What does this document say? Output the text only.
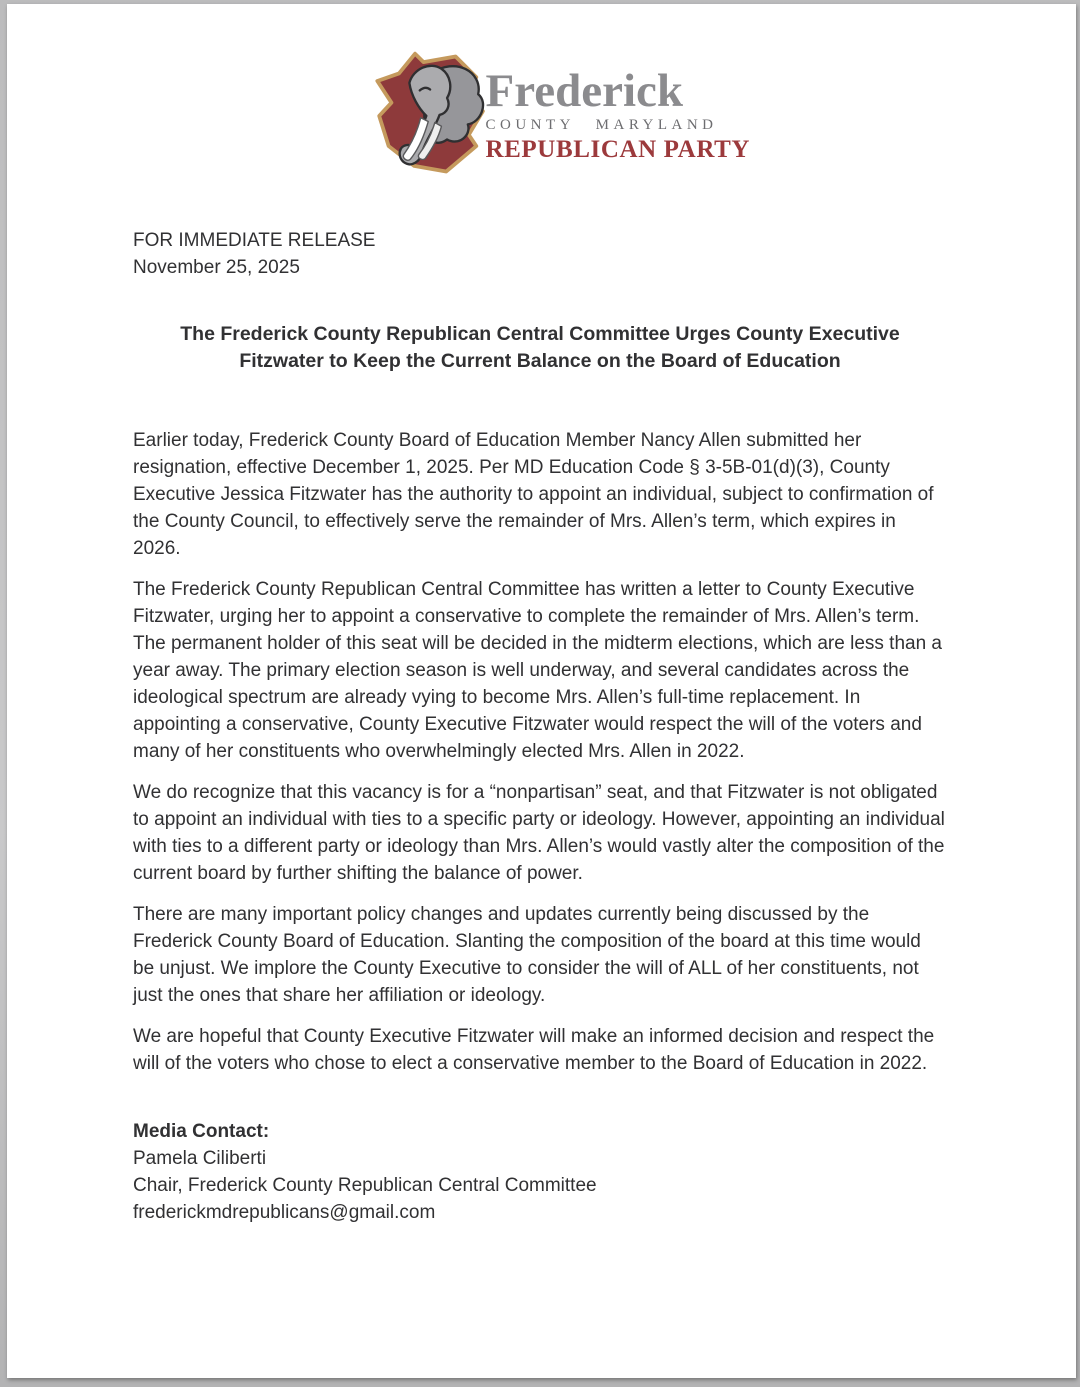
Frederick
COUNTY MARYLAND
REPUBLICAN PARTY
FOR IMMEDIATE RELEASE
November 25, 2025
The Frederick County Republican Central Committee Urges County Executive
Fitzwater to Keep the Current Balance on the Board of Education

Earlier today, Frederick County Board of Education Member Nancy Allen submitted her resignation, effective December 1, 2025. Per MD Education Code § 3-5B-01(d)(3), County Executive Jessica Fitzwater has the authority to appoint an individual, subject to confirmation of the County Council, to effectively serve the remainder of Mrs. Allen’s term, which expires in 2026.

The Frederick County Republican Central Committee has written a letter to County Executive Fitzwater, urging her to appoint a conservative to complete the remainder of Mrs. Allen’s term. The permanent holder of this seat will be decided in the midterm elections, which are less than a year away. The primary election season is well underway, and several candidates across the ideological spectrum are already vying to become Mrs. Allen’s full-time replacement. In appointing a conservative, County Executive Fitzwater would respect the will of the voters and many of her constituents who overwhelmingly elected Mrs. Allen in 2022.

We do recognize that this vacancy is for a “nonpartisan” seat, and that Fitzwater is not obligated to appoint an individual with ties to a specific party or ideology. However, appointing an individual with ties to a different party or ideology than Mrs. Allen’s would vastly alter the composition of the current board by further shifting the balance of power.

There are many important policy changes and updates currently being discussed by the Frederick County Board of Education. Slanting the composition of the board at this time would be unjust. We implore the County Executive to consider the will of ALL of her constituents, not just the ones that share her affiliation or ideology.

We are hopeful that County Executive Fitzwater will make an informed decision and respect the will of the voters who chose to elect a conservative member to the Board of Education in 2022.

Media Contact:
Pamela Ciliberti
Chair, Frederick County Republican Central Committee
frederickmdrepublicans@gmail.com
